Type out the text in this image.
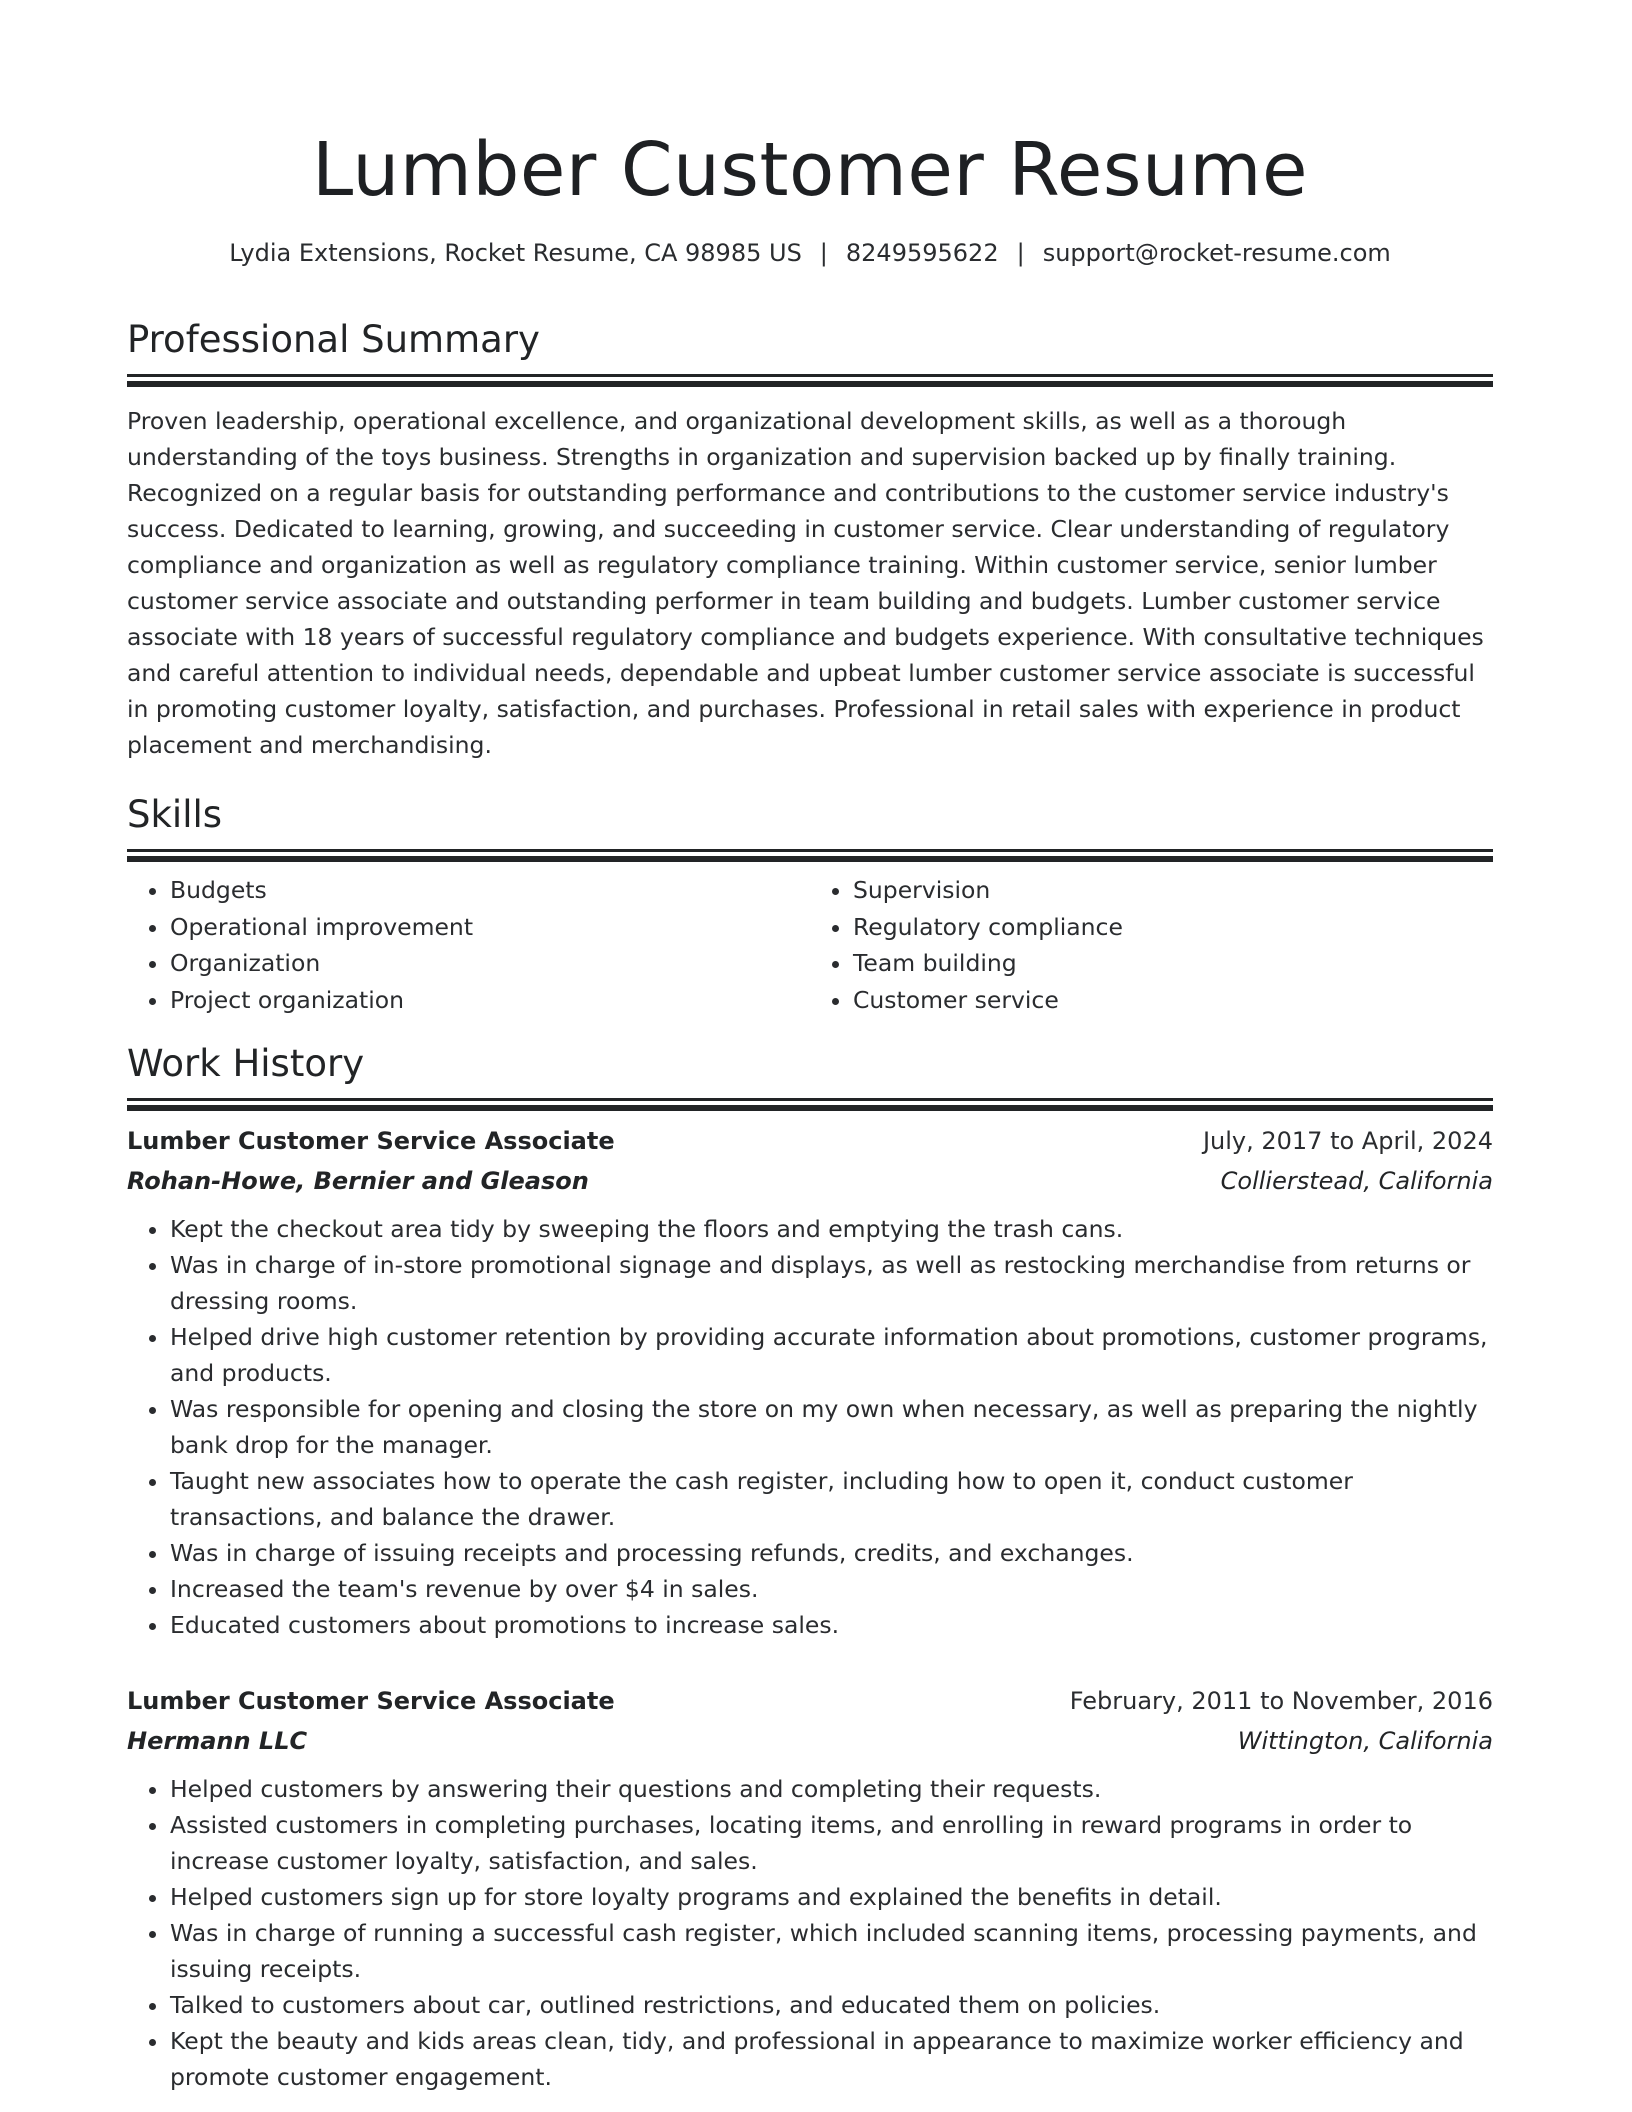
Lumber Customer Resume
Lydia Extensions, Rocket Resume, CA 98985 US | 8249595622 | support@rocket-resume.com
Professional Summary

Proven leadership, operational excellence, and organizational development skills, as well as a thorough understanding of the toys business. Strengths in organization and supervision backed up by finally training. Recognized on a regular basis for outstanding performance and contributions to the customer service industry's success. Dedicated to learning, growing, and succeeding in customer service. Clear understanding of regulatory compliance and organization as well as regulatory compliance training. Within customer service, senior lumber customer service associate and outstanding performer in team building and budgets. Lumber customer service associate with 18 years of successful regulatory compliance and budgets experience. With consultative techniques and careful attention to individual needs, dependable and upbeat lumber customer service associate is successful in promoting customer loyalty, satisfaction, and purchases. Professional in retail sales with experience in product placement and merchandising.

Skills
• Budgets
• Operational improvement
• Organization
• Project organization
• Supervision
• Regulatory compliance
• Team building
• Customer service
Work History
Lumber Customer Service Associate	July, 2017 to April, 2024
Rohan-Howe, Bernier and Gleason	Collierstead, California
• Kept the checkout area tidy by sweeping the floors and emptying the trash cans.
• Was in charge of in-store promotional signage and displays, as well as restocking merchandise from returns or dressing rooms.
• Helped drive high customer retention by providing accurate information about promotions, customer programs, and products.
• Was responsible for opening and closing the store on my own when necessary, as well as preparing the nightly bank drop for the manager.
• Taught new associates how to operate the cash register, including how to open it, conduct customer transactions, and balance the drawer.
• Was in charge of issuing receipts and processing refunds, credits, and exchanges.
• Increased the team's revenue by over $4 in sales.
• Educated customers about promotions to increase sales.
Lumber Customer Service Associate	February, 2011 to November, 2016
Hermann LLC	Wittington, California
• Helped customers by answering their questions and completing their requests.
• Assisted customers in completing purchases, locating items, and enrolling in reward programs in order to increase customer loyalty, satisfaction, and sales.
• Helped customers sign up for store loyalty programs and explained the benefits in detail.
• Was in charge of running a successful cash register, which included scanning items, processing payments, and issuing receipts.
• Talked to customers about car, outlined restrictions, and educated them on policies.
• Kept the beauty and kids areas clean, tidy, and professional in appearance to maximize worker efficiency and promote customer engagement.
